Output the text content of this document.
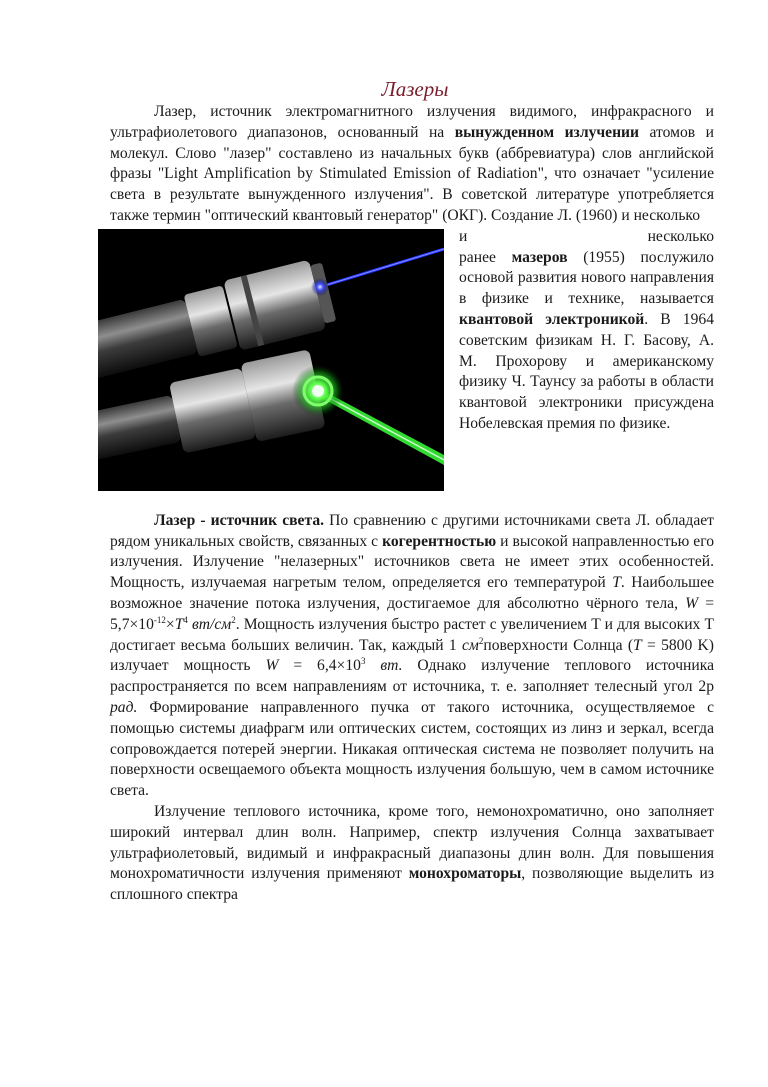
Лазеры

Лазер, источник электромагнитного излучения видимого, инфракрасного и ультрафиолетового диапазонов, основанный на вынужденном излучении атомов и молекул. Слово "лазер" составлено из начальных букв (аббревиатура) слов английской фразы "Light Amplification by Stimulated Emission of Radiation", что означает "усиление света в результате вынужденного излучения". В советской литературе употребляется также термин "оптический квантовый генератор" (ОКГ). Создание Л. (1960) и несколько

и                           несколько
ранее мазеров (1955) послужило основой развития нового направления в физике и технике, называется квантовой электроникой. В 1964 советским физикам Н. Г. Басову, А. М. Прохорову и американскому физику Ч. Таунсу за работы в области квантовой электроники присуждена Нобелевская премия по физике.

Лазер - источник света. По сравнению с другими источниками света Л. обладает рядом уникальных свойств, связанных с когерентностью и высокой направленностью его излучения. Излучение "нелазерных" источников света не имеет этих особенностей. Мощность, излучаемая нагретым телом, определяется его температурой T. Наибольшее возможное значение потока излучения, достигаемое для абсолютно чёрного тела, $W = 5,7\times 10^{-12}\times T^4$ $вт/см^2$. Мощность излучения быстро растет с увеличением T и для высоких T достигает весьма больших величин. Так, каждый 1 $см^2поверхности$ Солнца (T = 5800 K) излучает мощность $W = 6,4\times 10^3$ вт. Однако излучение теплового источника распространяется по всем направлениям от источника, т. е. заполняет телесный угол 2p рад. Формирование направленного пучка от такого источника, осуществляемое с помощью системы диафрагм или оптических систем, состоящих из линз и зеркал, всегда сопровождается потерей энергии. Никакая оптическая система не позволяет получить на поверхности освещаемого объекта мощность излучения большую, чем в самом источнике света.

Излучение теплового источника, кроме того, немонохроматично, оно заполняет широкий интервал длин волн. Например, спектр излучения Солнца захватывает ультрафиолетовый, видимый и инфракрасный диапазоны длин волн. Для повышения монохроматичности излучения применяют монохроматоры, позволяющие выделить из сплошного спектра
